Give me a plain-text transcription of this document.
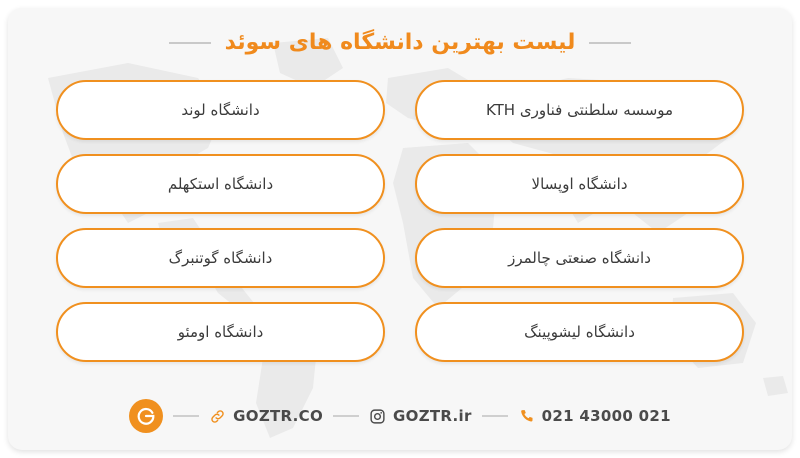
لیست بهترین دانشگاه های سوئد
موسسه سلطنتی فناوری KTH
دانشگاه لوند
دانشگاه اوپسالا
دانشگاه استکهلم
دانشگاه صنعتی چالمرز
دانشگاه گوتنبرگ
دانشگاه لیشوپینگ
دانشگاه اومئو
GOZTR.CO	GOZTR.ir	021 43000 021
